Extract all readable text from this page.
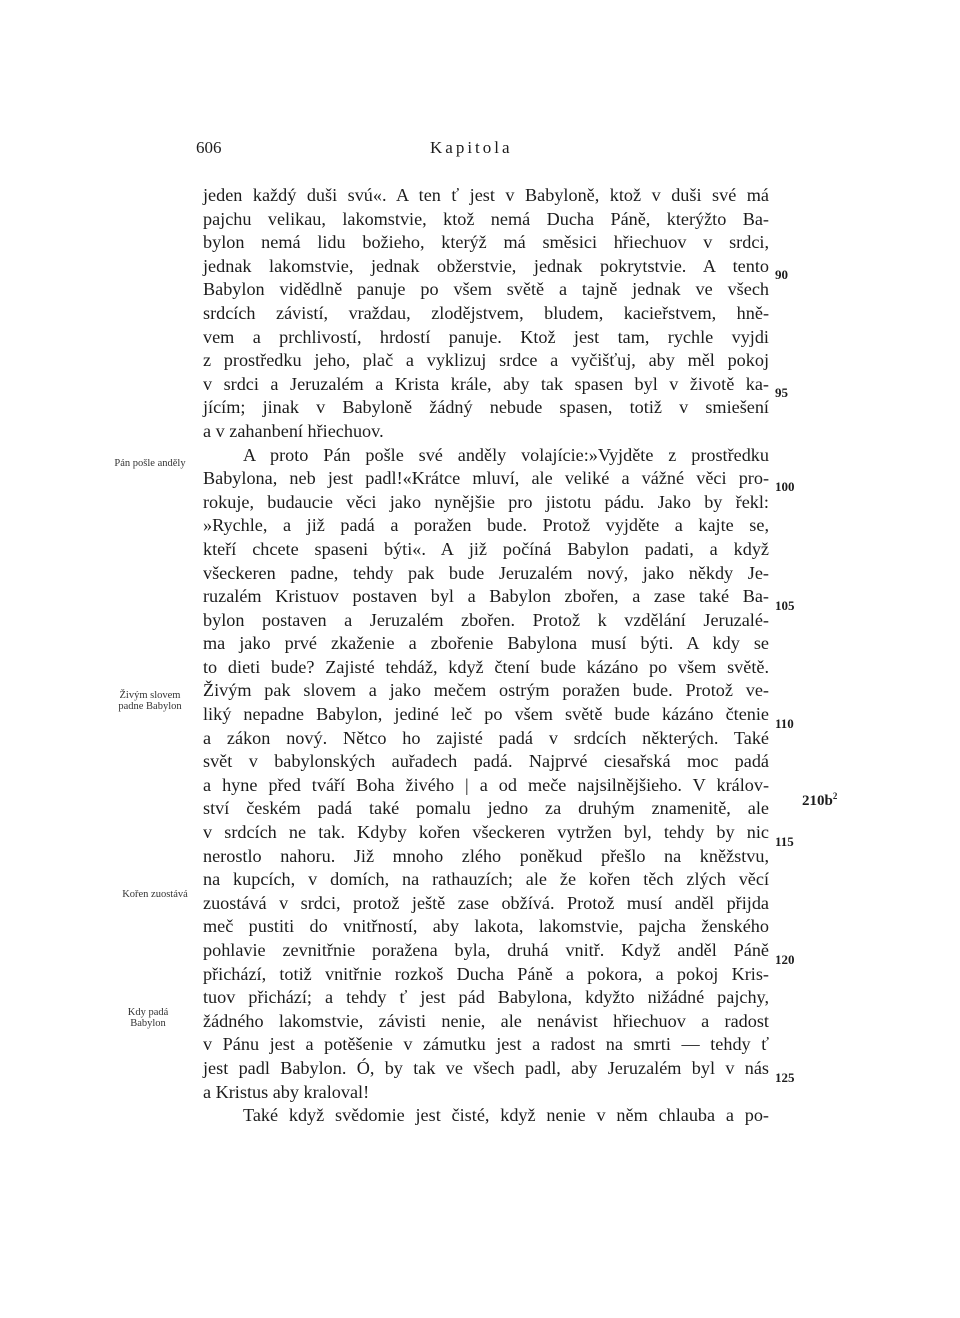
606	Kapitola
jeden každý duši svú«. A ten ť jest v Babyloně, ktož v duši své má
pajchu velikau, lakomstvie, ktož nemá Ducha Páně, kterýžto Ba-
bylon nemá lidu božieho, kterýž má směsici hřiechuov v srdci,
jednak lakomstvie, jednak obžerstvie, jednak pokrytstvie. A tento
Babylon vidědlně panuje po všem světě a tajně jednak ve všech
srdcích závistí, vraždau, zlodějstvem, bludem, kacieřstvem, hně-
vem a prchlivostí, hrdostí panuje. Ktož jest tam, rychle vyjdi
z prostředku jeho, plač a vyklizuj srdce a vyčišťuj, aby měl pokoj
v srdci a Jeruzalém a Krista krále, aby tak spasen byl v životě ka-
jícím; jinak v Babyloně žádný nebude spasen, totiž v smiešení
a v zahanbení hřiechuov.
A proto Pán pošle své anděly volajície:»Vyjděte z prostředku
Babylona, neb jest padl!«Krátce mluví, ale veliké a vážné věci pro-
rokuje, budaucie věci jako nynějšie pro jistotu pádu. Jako by řekl:
»Rychle, a již padá a poražen bude. Protož vyjděte a kajte se,
kteří chcete spaseni býti«. A již počíná Babylon padati, a když
všeckeren padne, tehdy pak bude Jeruzalém nový, jako někdy Je-
ruzalém Kristuov postaven byl a Babylon zbořen, a zase také Ba-
bylon postaven a Jeruzalém zbořen. Protož k vzdělání Jeruzalé-
ma jako prvé zkaženie a zbořenie Babylona musí býti. A kdy se
to dieti bude? Zajisté tehdáž, když čtení bude kázáno po všem světě.
Živým pak slovem a jako mečem ostrým poražen bude. Protož ve-
liký nepadne Babylon, jediné leč po všem světě bude kázáno čtenie
a zákon nový. Nětco ho zajisté padá v srdcích některých. Také
svět v babylonských auřadech padá. Najprvé ciesařská moc padá
a hyne před tváří Boha živého | a od meče najsilnějšieho. V králov-
ství českém padá také pomalu jedno za druhým znamenitě, ale
v srdcích ne tak. Kdyby kořen všeckeren vytržen byl, tehdy by nic
nerostlo nahoru. Již mnoho zlého poněkud přešlo na kněžstvu,
na kupcích, v domích, na rathauzích; ale že kořen těch zlých věcí
zuostává v srdci, protož ještě zase obžívá. Protož musí anděl přijda
meč pustiti do vnitřností, aby lakota, lakomstvie, pajcha ženského
pohlavie zevnitřnie poražena byla, druhá vnitř. Když anděl Páně
přichází, totiž vnitřnie rozkoš Ducha Páně a pokora, a pokoj Kris-
tuov přichází; a tehdy ť jest pád Babylona, kdyžto nižádné pajchy,
žádného lakomstvie, závisti nenie, ale nenávist hřiechuov a radost
v Pánu jest a potěšenie v zámutku jest a radost na smrti — tehdy ť
jest padl Babylon. Ó, by tak ve všech padl, aby Jeruzalém byl v nás
a Kristus aby kraloval!
Také když svědomie jest čisté, když nenie v něm chlauba a po-
90
95
100
105
110
115
120
125
$210b^2$
Pán pošle anděly
Živým slovem
padne Babylon
Kořen zuostává
Kdy padá
Babylon
